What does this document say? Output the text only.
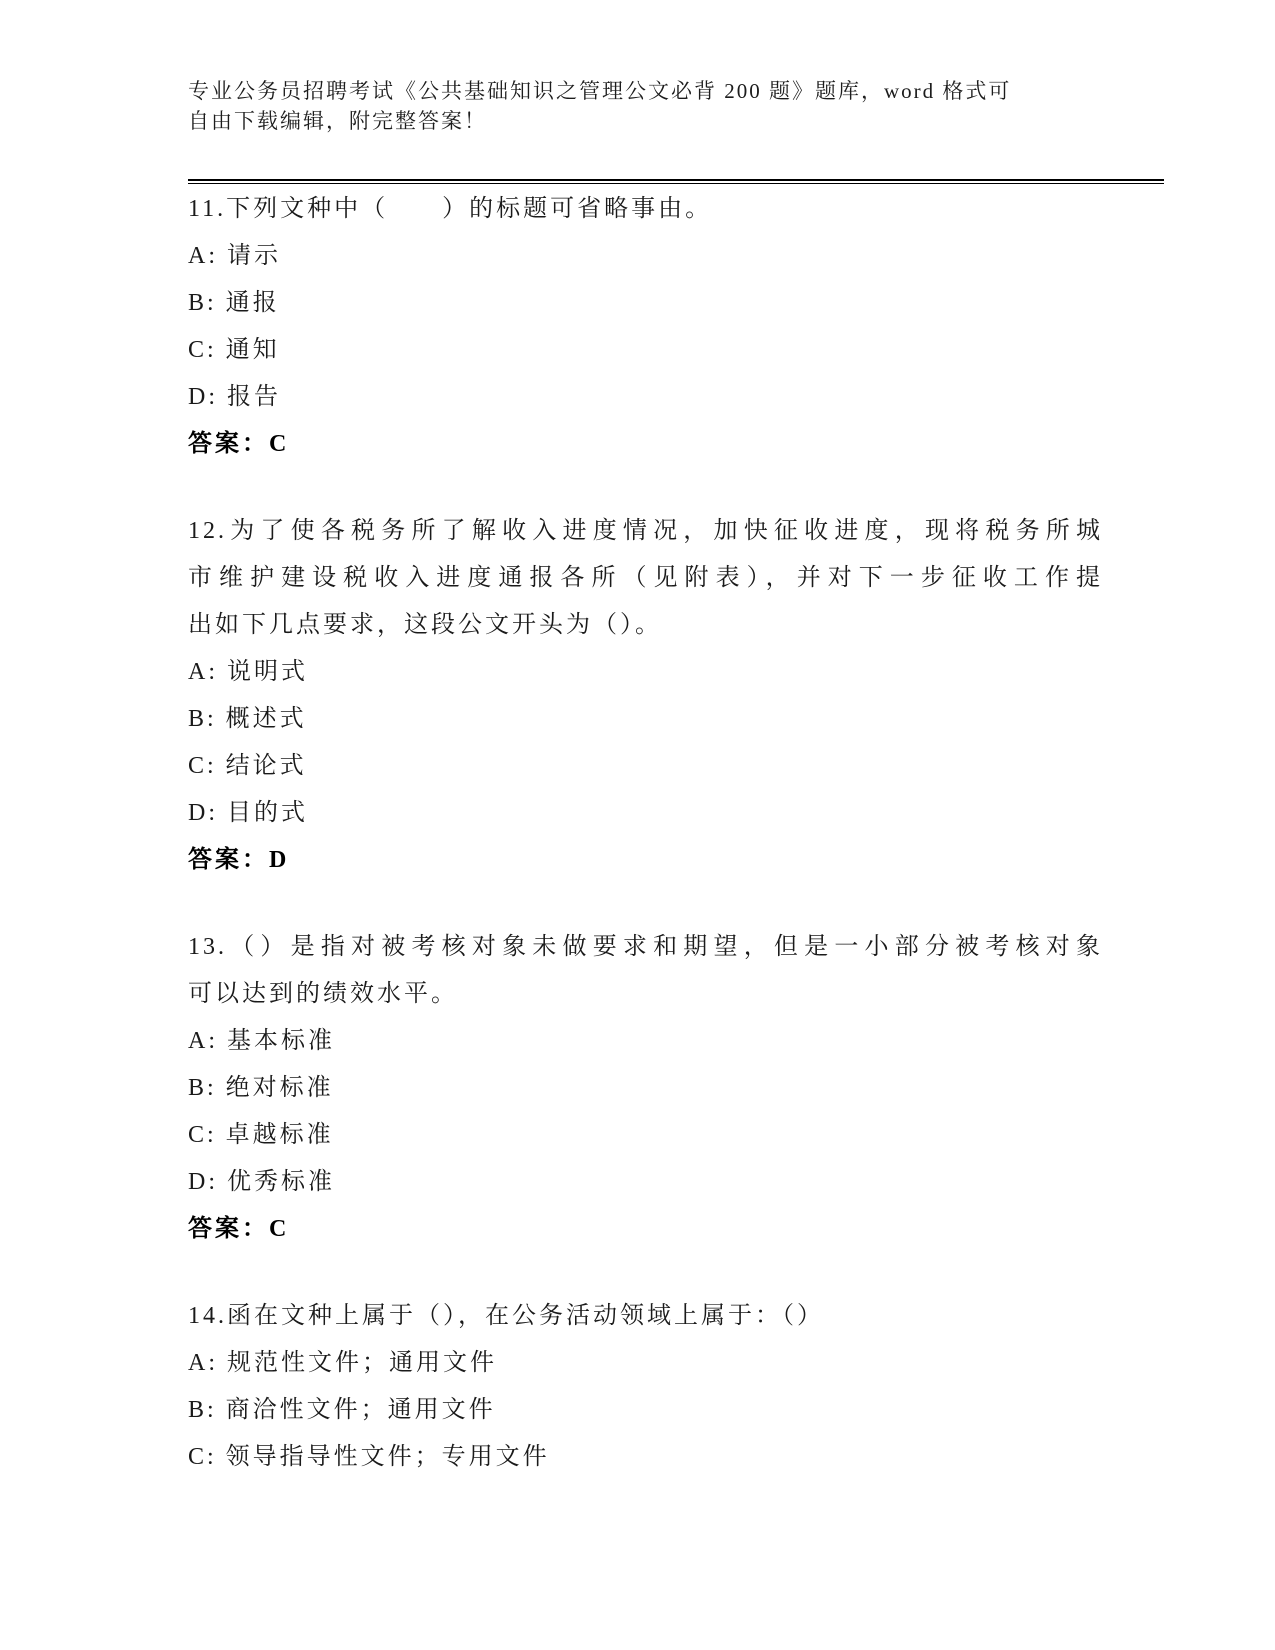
专业公务员招聘考试《公共基础知识之管理公文必背 200 题》题库，word 格式可
自由下载编辑，附完整答案！
11.下列文种中（　　）的标题可省略事由。
A: 请示
B: 通报
C: 通知
D: 报告
答案：C
12.为了使各税务所了解收入进度情况，加快征收进度，现将税务所城
市维护建设税收入进度通报各所（见附表），并对下一步征收工作提
出如下几点要求，这段公文开头为（）。
A: 说明式
B: 概述式
C: 结论式
D: 目的式
答案：D
13.（）是指对被考核对象未做要求和期望，但是一小部分被考核对象
可以达到的绩效水平。
A: 基本标准
B: 绝对标准
C: 卓越标准
D: 优秀标准
答案：C
14.函在文种上属于（），在公务活动领域上属于：（）
A: 规范性文件；通用文件
B: 商洽性文件；通用文件
C: 领导指导性文件；专用文件
